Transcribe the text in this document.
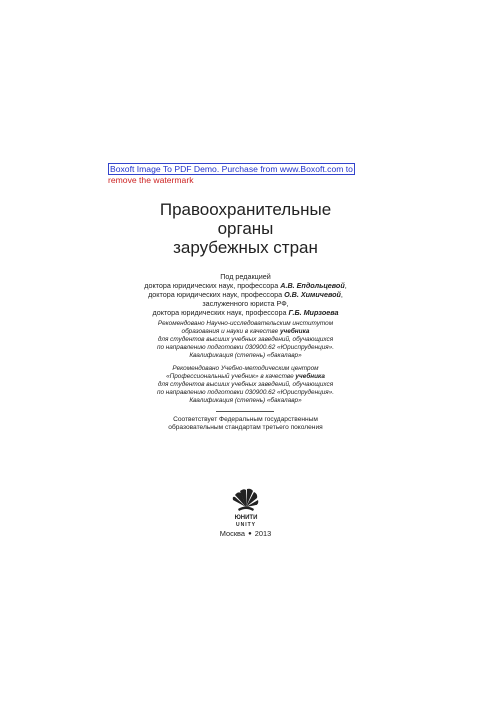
Boxoft Image To PDF Demo. Purchase from www.Boxoft.com to
remove the watermark
Правоохранительные
органы
зарубежных стран
Под редакцией
доктора юридических наук, профессора А.В. Епдольцевой,
доктора юридических наук, профессора О.В. Химичевой,
заслуженного юриста РФ,
доктора юридических наук, профессора Г.Б. Мирзоева
Рекомендовано Научно-исследовательским институтом
образования и науки в качестве учебника
для студентов высших учебных заведений, обучающихся
по направлению подготовки 030900.62 «Юриспруденция».
Квалификация (степень) «бакалавр»
Рекомендовано Учебно-методическим центром
«Профессиональный учебник» в качестве учебника
для студентов высших учебных заведений, обучающихся
по направлению подготовки 030900.62 «Юриспруденция».
Квалификация (степень) «бакалавр»
Соответствует Федеральным государственным
образовательным стандартам третьего поколения
ЮНИТИ
UNITY
Москва ● 2013
